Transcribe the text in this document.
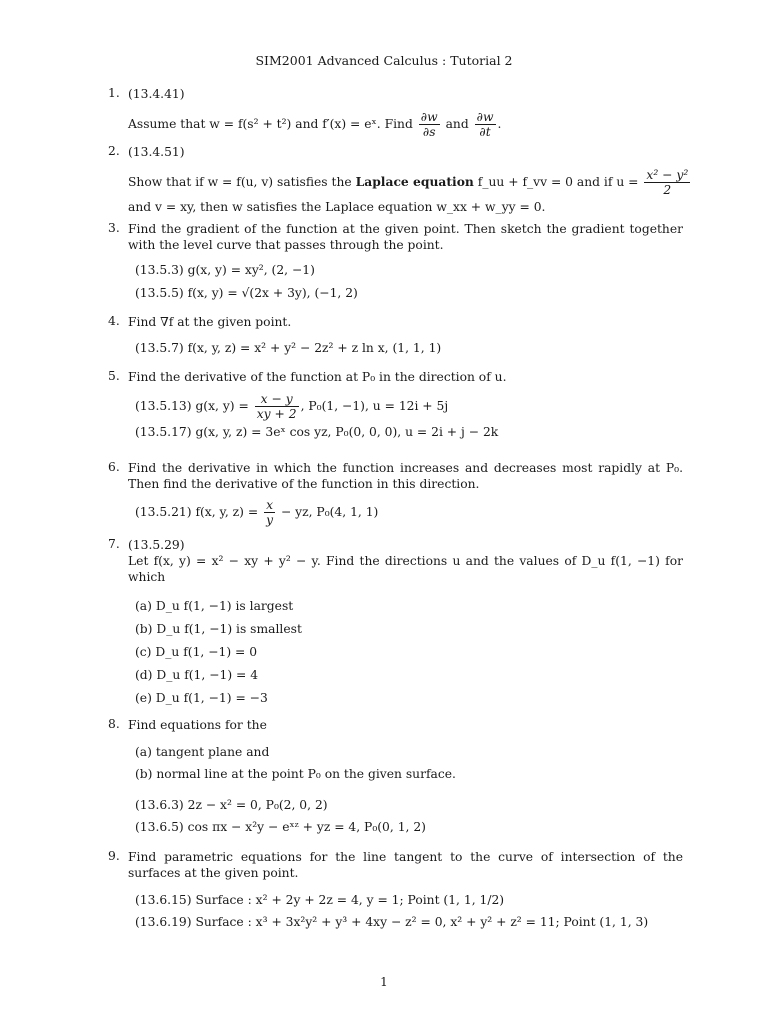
SIM2001 Advanced Calculus : Tutorial 2
1. (13.4.41)
Assume that w = f(s² + t²) and f′(x) = eˣ. Find $\frac{\partial w}{\partial s}$ and $\frac{\partial w}{\partial t}$ .
2. (13.4.51)
Show that if w = f(u, v) satisfies the Laplace equation f_uu + f_vv = 0 and if $u = \frac{\text{x² − y²}}{2}$
and v = xy, then w satisfies the Laplace equation w_xx + w_yy = 0.
3. Find the gradient of the function at the given point. Then sketch the gradient together with the level curve that passes through the point.
(13.5.3) g(x, y) = xy², (2, −1)
(13.5.5) f(x, y) = √(2x + 3y), (−1, 2)
4. Find ∇f at the given point.
(13.5.7) f(x, y, z) = x² + y² − 2z² + z ln x, (1, 1, 1)
5. Find the derivative of the function at P₀ in the direction of u.
(13.5.13) g(x, $y) = \frac{x - y}{xy + 2}$ , P₀(1, −1), u = 12i + 5j
(13.5.17) g(x, y, z) = 3eˣ cos yz, P₀(0, 0, 0), u = 2i + j − 2k
6. Find the derivative in which the function increases and decreases most rapidly at P₀. Then find the derivative of the function in this direction.
(13.5.21) f(x, y, $z) = \frac{x}{y}$ − yz, P₀(4, 1, 1)
7. (13.5.29)
Let f(x, y) = x² − xy + y² − y. Find the directions u and the values of D_u f(1, −1) for which
(a) D_u f(1, −1) is largest
(b) D_u f(1, −1) is smallest
(c) D_u f(1, −1) = 0
(d) D_u f(1, −1) = 4
(e) D_u f(1, −1) = −3
8. Find equations for the
(a) tangent plane and
(b) normal line at the point P₀ on the given surface.
(13.6.3) 2z − x² = 0, P₀(2, 0, 2)
(13.6.5) cos πx − x²y − eˣᶻ + yz = 4, P₀(0, 1, 2)
9. Find parametric equations for the line tangent to the curve of intersection of the surfaces at the given point.
(13.6.15) Surface : x² + 2y + 2z = 4, y = 1; Point (1, 1, 1/2)
(13.6.19) Surface : x³ + 3x²y² + y³ + 4xy − z² = 0, x² + y² + z² = 11; Point (1, 1, 3)
1
